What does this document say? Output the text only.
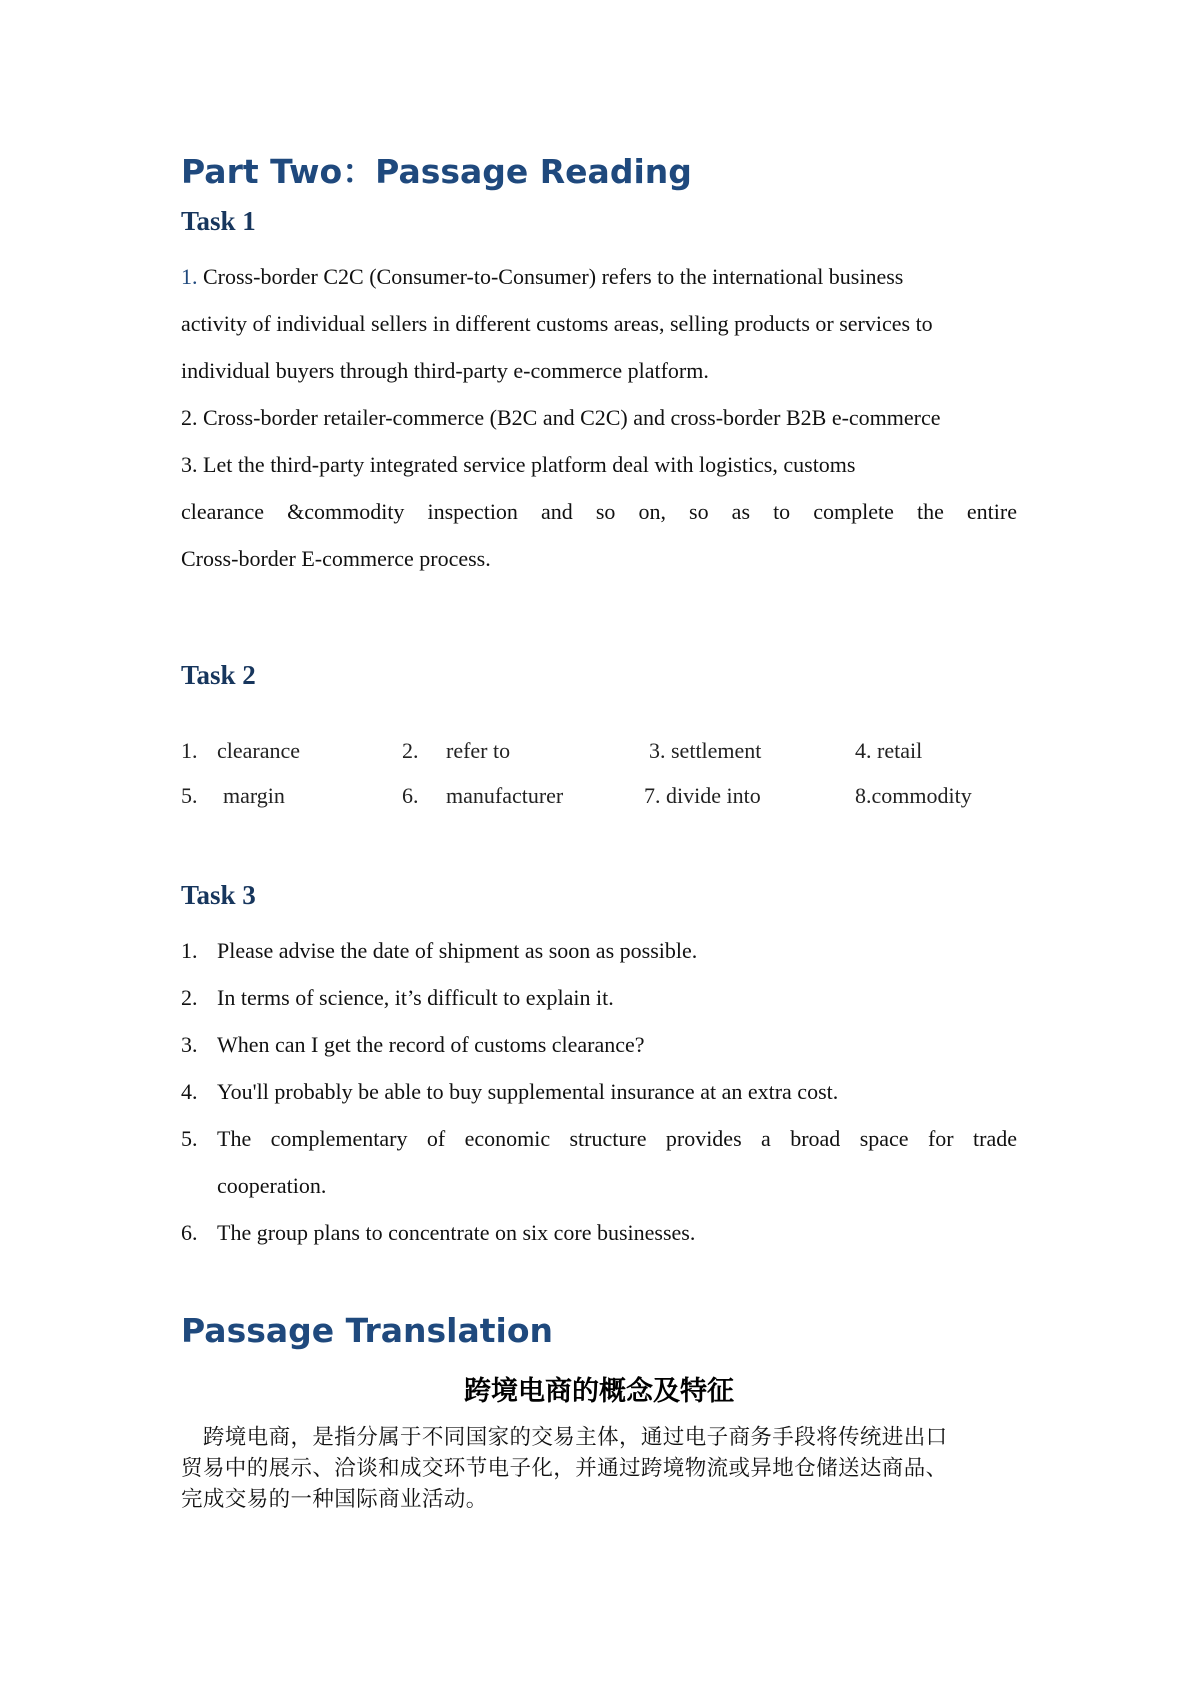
Part Two：Passage Reading
Task 1
1. Cross-border C2C (Consumer-to-Consumer) refers to the international business
activity of individual sellers in different customs areas, selling products or services to
individual buyers through third-party e-commerce platform.
2. Cross-border retailer-commerce (B2C and C2C) and cross-border B2B e-commerce
3. Let the third-party integrated service platform deal with logistics, customs
clearance &commodity inspection and so on, so as to complete the entire
Cross-border E-commerce process.
Task 2
1. clearance	2. refer to	3. settlement	4. retail
5. margin	6. manufacturer	7. divide into	8.commodity
Task 3
1. Please advise the date of shipment as soon as possible.
2. In terms of science, it’s difficult to explain it.
3. When can I get the record of customs clearance?
4. You'll probably be able to buy supplemental insurance at an extra cost.
5. The complementary of economic structure provides a broad space for trade
cooperation.
6. The group plans to concentrate on six core businesses.
Passage Translation
跨境电商的概念及特征
　跨境电商，是指分属于不同国家的交易主体，通过电子商务手段将传统进出口
贸易中的展示、洽谈和成交环节电子化，并通过跨境物流或异地仓储送达商品、
完成交易的一种国际商业活动。
